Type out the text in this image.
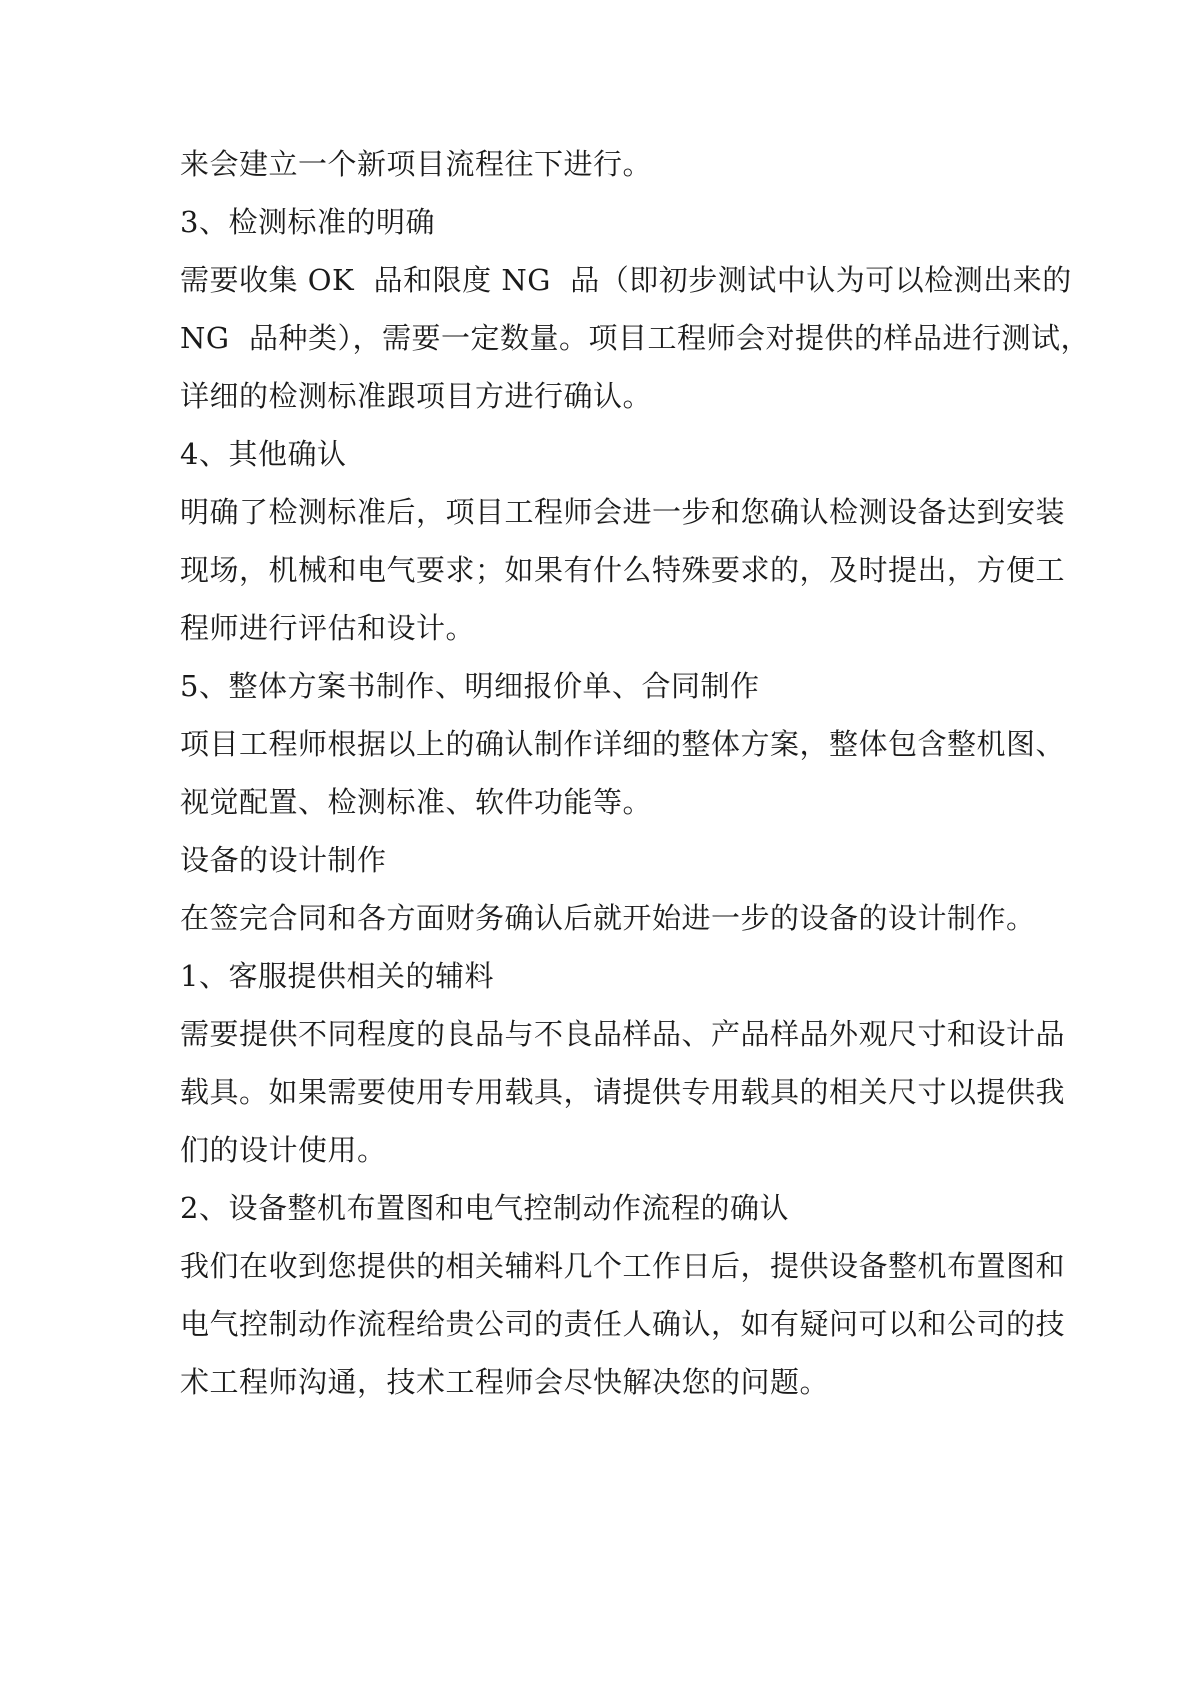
来会建立一个新项目流程往下进行。
3、检测标准的明确
需要收集 OK  品和限度 NG  品（即初步测试中认为可以检测出来的
NG  品种类），需要一定数量。项目工程师会对提供的样品进行测试，
详细的检测标准跟项目方进行确认。
4、其他确认
明确了检测标准后，项目工程师会进一步和您确认检测设备达到安装
现场，机械和电气要求；如果有什么特殊要求的，及时提出，方便工
程师进行评估和设计。
5、整体方案书制作、明细报价单、合同制作
项目工程师根据以上的确认制作详细的整体方案，整体包含整机图、
视觉配置、检测标准、软件功能等。
设备的设计制作
在签完合同和各方面财务确认后就开始进一步的设备的设计制作。
1、客服提供相关的辅料
需要提供不同程度的良品与不良品样品、产品样品外观尺寸和设计品
载具。如果需要使用专用载具，请提供专用载具的相关尺寸以提供我
们的设计使用。
2、设备整机布置图和电气控制动作流程的确认
我们在收到您提供的相关辅料几个工作日后，提供设备整机布置图和
电气控制动作流程给贵公司的责任人确认，如有疑问可以和公司的技
术工程师沟通，技术工程师会尽快解决您的问题。
